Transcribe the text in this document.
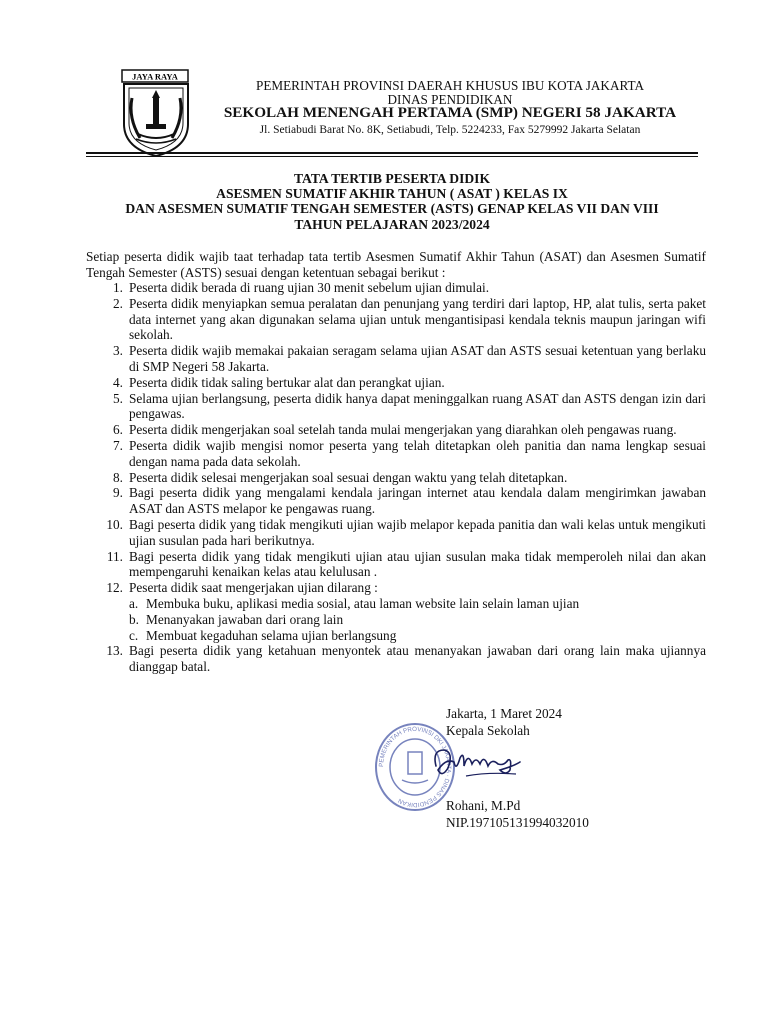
JAYA RAYA
PEMERINTAH PROVINSI DAERAH KHUSUS IBU KOTA JAKARTA
DINAS PENDIDIKAN
SEKOLAH MENENGAH PERTAMA (SMP) NEGERI 58 JAKARTA
Jl. Setiabudi Barat No. 8K, Setiabudi, Telp. 5224233, Fax 5279992 Jakarta Selatan
TATA TERTIB PESERTA DIDIK
ASESMEN SUMATIF AKHIR TAHUN ( ASAT ) KELAS IX
DAN ASESMEN SUMATIF TENGAH SEMESTER (ASTS) GENAP KELAS VII DAN VIII
TAHUN PELAJARAN 2023/2024
Setiap peserta didik wajib taat terhadap tata tertib Asesmen Sumatif Akhir Tahun (ASAT) dan Asesmen Sumatif Tengah Semester (ASTS) sesuai dengan ketentuan sebagai berikut :
1. Peserta didik berada di ruang ujian 30 menit sebelum ujian dimulai.
2. Peserta didik menyiapkan semua peralatan dan penunjang yang terdiri dari laptop, HP, alat tulis, serta paket data internet yang akan digunakan selama ujian untuk mengantisipasi kendala teknis maupun jaringan wifi sekolah.
3. Peserta didik wajib memakai pakaian seragam selama ujian ASAT dan ASTS sesuai ketentuan yang berlaku di SMP Negeri 58 Jakarta.
4. Peserta didik tidak saling bertukar alat dan perangkat ujian.
5. Selama ujian berlangsung, peserta didik hanya dapat meninggalkan ruang ASAT dan ASTS dengan izin dari pengawas.
6. Peserta didik mengerjakan soal setelah tanda mulai mengerjakan yang diarahkan oleh pengawas ruang.
7. Peserta didik wajib mengisi nomor peserta yang telah ditetapkan oleh panitia dan nama lengkap sesuai dengan nama pada data sekolah.
8. Peserta didik selesai mengerjakan soal sesuai dengan waktu yang telah ditetapkan.
9. Bagi peserta didik yang mengalami kendala jaringan internet atau kendala dalam mengirimkan jawaban ASAT dan ASTS melapor ke pengawas ruang.
10. Bagi peserta didik yang tidak mengikuti ujian wajib melapor kepada panitia dan wali kelas untuk mengikuti ujian susulan pada hari berikutnya.
11. Bagi peserta didik yang tidak mengikuti ujian atau ujian susulan maka tidak memperoleh nilai dan akan mempengaruhi kenaikan kelas atau kelulusan .
12. Peserta didik saat mengerjakan ujian dilarang :
a. Membuka buku, aplikasi media sosial, atau laman website lain selain laman ujian
b. Menanyakan jawaban dari orang lain
c. Membuat kegaduhan selama ujian berlangsung
13. Bagi peserta didik yang ketahuan menyontek atau menanyakan jawaban dari orang lain maka ujiannya dianggap batal.
PEMERINTAH PROVINSI DKI JAKARTA · DINAS PENDIDIKAN
Jakarta, 1 Maret 2024
Kepala Sekolah
Rohani, M.Pd
NIP.197105131994032010
